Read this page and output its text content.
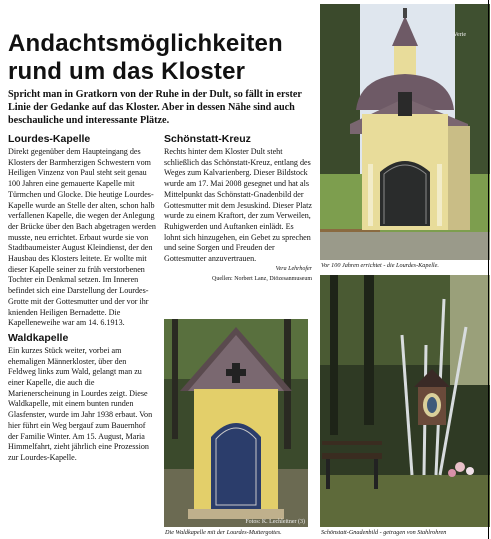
Andachtsmöglichkeiten
rund um das Kloster

Spricht man in Gratkorn von der Ruhe in der Dult, so fällt in erster Linie der Gedanke auf das Kloster. Aber in dessen Nähe sind auch beschauliche und interessante Plätze.

Lourdes-Kapelle

Direkt gegenüber dem Haupteingang des Klosters der Barmherzigen Schwestern vom Heiligen Vinzenz von Paul steht seit genau 100 Jahren eine gemauerte Kapelle mit Türmchen und Glocke. Die heutige Lourdes-Kapelle wurde an Stelle der alten, schon halb verfallenen Kapelle, die wegen der Anlegung der Brücke über den Bach abgetragen werden musste, neu errichtet. Erbaut wurde sie von Stadtbaumeister August Kleindienst, der den Hausbau des Klosters leitete. Er wollte mit dieser Kapelle seiner zu früh verstorbenen Tochter ein Denkmal setzen. Im Inneren befindet sich eine Darstellung der Lourdes-Grotte mit der Gottesmutter und der vor ihr knienden Heiligen Bernadette. Die Kapelleneweihe war am 14. 6.1913.

Waldkapelle

Ein kurzes Stück weiter, vorbei am ehemaligen Männerkloster, über den Feldweg links zum Wald, gelangt man zu einer Kapelle, die auch die Marienerscheinung in Lourdes zeigt. Diese Waldkapelle, mit einem bunten runden Glasfenster, wurde im Jahr 1938 erbaut. Von hier führt ein Weg bergauf zum Bauernhof der Familie Winter. Am 15. August, Maria Himmelfahrt, zieht jährlich eine Prozession zur Lourdes-Kapelle.

Schönstatt-Kreuz

Rechts hinter dem Kloster Dult steht schließlich das Schönstatt-Kreuz, entlang des Weges zum Kalvarienberg. Dieser Bildstock wurde am 17. Mai 2008 gesegnet und hat als Mittelpunkt das Schönstatt-Gnadenbild der Gottesmutter mit dem Jesuskind. Dieser Platz wurde zu einem Kraftort, der zum Verweilen, Ruhigwerden und Auftanken einlädt. Es lohnt sich hinzugehen, ein Gebet zu sprechen und seine Sorgen und Freuden der Gottesmutter anzuvertrauen.

Vera Lehrhofer
Quellen: Norbert Lanz, Diözesanmuseum
Fotos: K. Lechleitner (3)
Die Waldkapelle mit der Lourdes-Muttergottes.
Verie
Vor 100 Jahren errichtet - die Lourdes-Kapelle.
Schönstatt-Gnadenbild - getragen von Stahlrohren
